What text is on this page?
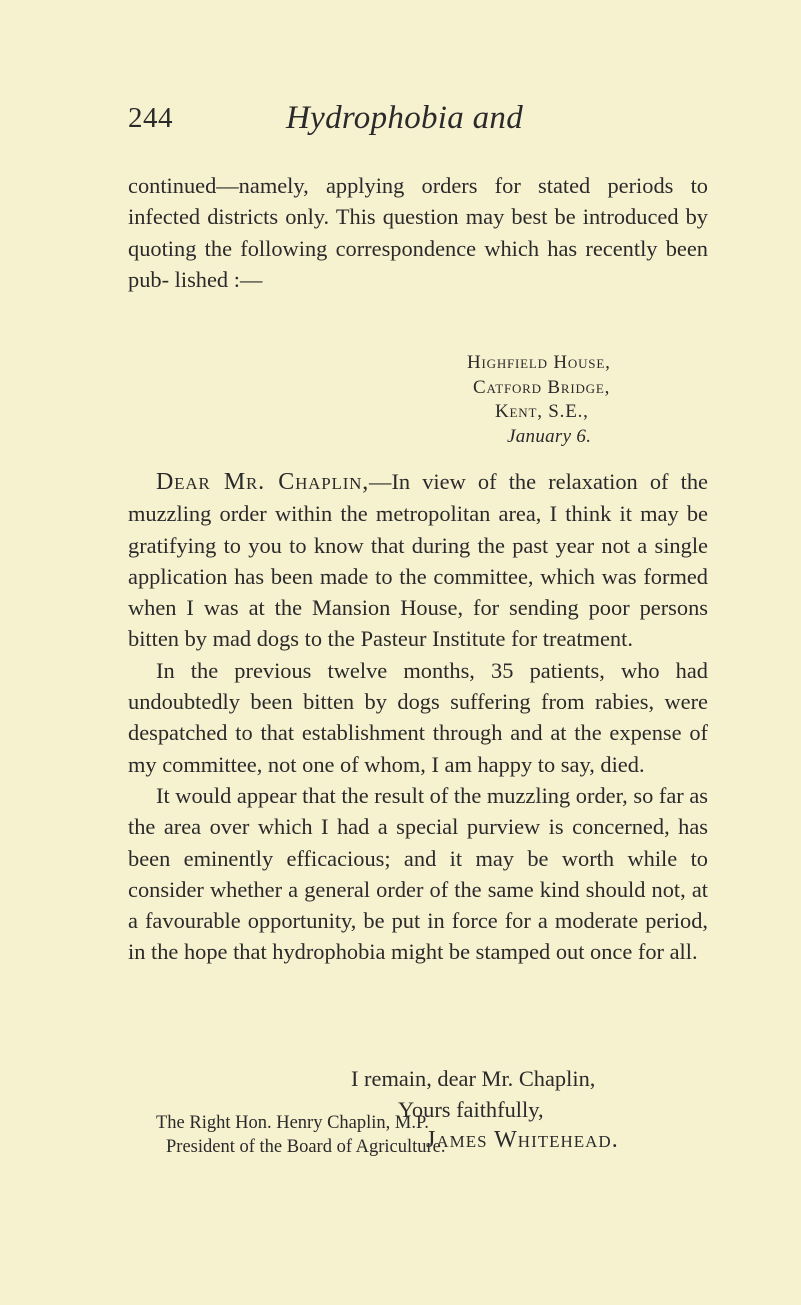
244	Hydrophobia and

continued—namely, applying orders for stated periods to infected districts only. This question may best be introduced by quoting the following correspondence which has recently been pub- lished :—

Highfield House,
Catford Bridge,
Kent, S.E.,
January 6.

Dear Mr. Chaplin,—In view of the relaxation of the muzzling order within the metropolitan area, I think it may be gratifying to you to know that during the past year not a single application has been made to the committee, which was formed when I was at the Mansion House, for sending poor persons bitten by mad dogs to the Pasteur Institute for treatment.

In the previous twelve months, 35 patients, who had undoubtedly been bitten by dogs suffering from rabies, were despatched to that establishment through and at the expense of my committee, not one of whom, I am happy to say, died.

It would appear that the result of the muzzling order, so far as the area over which I had a special purview is concerned, has been eminently efficacious; and it may be worth while to consider whether a general order of the same kind should not, at a favourable opportunity, be put in force for a moderate period, in the hope that hydrophobia might be stamped out once for all.

I remain, dear Mr. Chaplin,
Yours faithfully,
James Whitehead.
The Right Hon. Henry Chaplin, M.P.
President of the Board of Agriculture.
